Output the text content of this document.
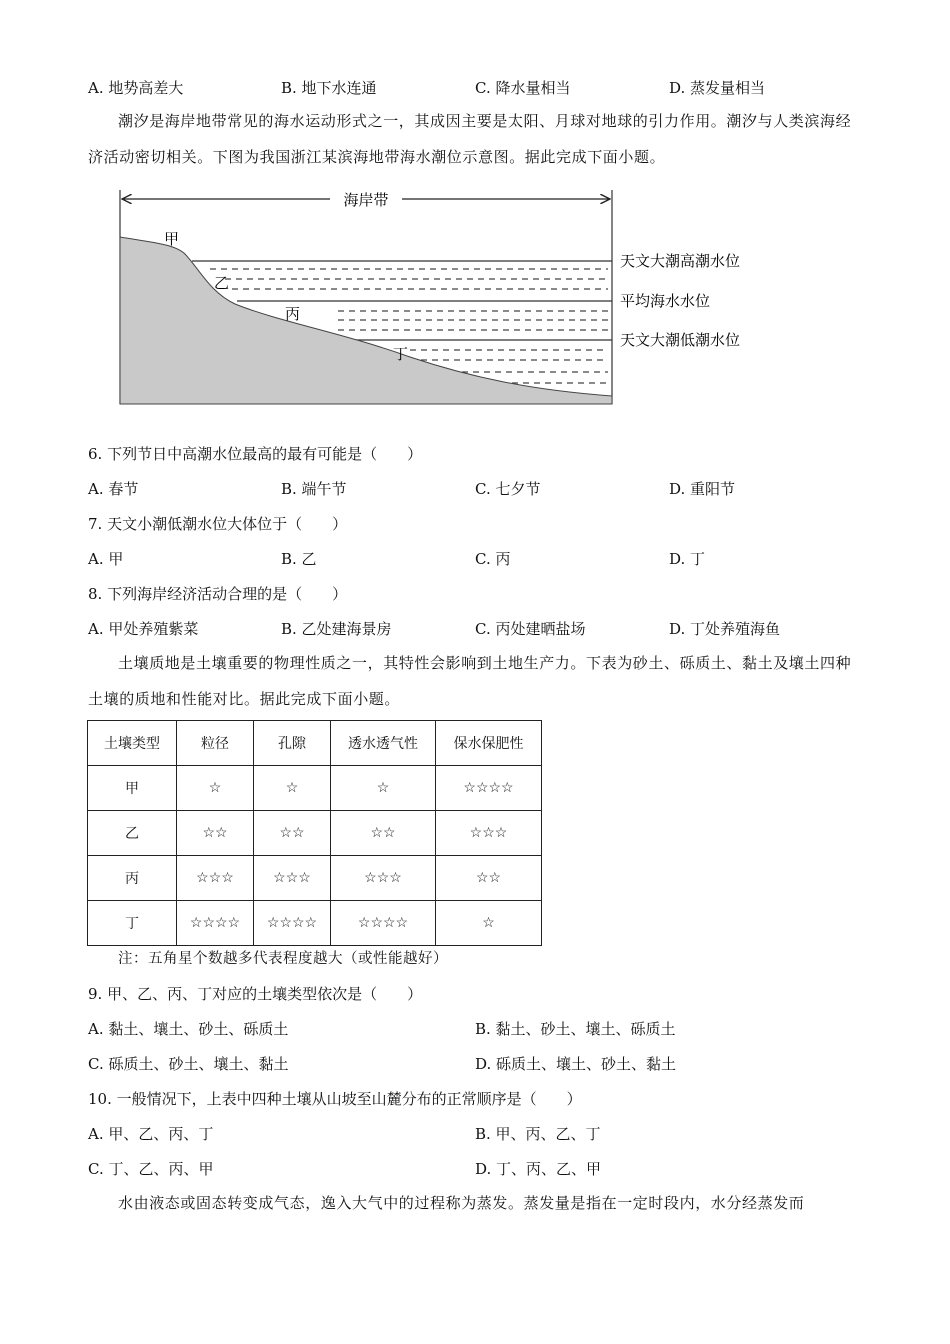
A. 地势高差大	B. 地下水连通	C. 降水量相当	D. 蒸发量相当
潮汐是海岸地带常见的海水运动形式之一，其成因主要是太阳、月球对地球的引力作用。潮汐与人类滨海经济活动密切相关。下图为我国浙江某滨海地带海水潮位示意图。据此完成下面小题。
海岸带
甲
乙
丙
丁
天文大潮高潮水位
平均海水水位
天文大潮低潮水位
6. 下列节日中高潮水位最高的最有可能是（　　）
A. 春节	B. 端午节	C. 七夕节	D. 重阳节
7. 天文小潮低潮水位大体位于（　　）
A. 甲	B. 乙	C. 丙	D. 丁
8. 下列海岸经济活动合理的是（　　）
A. 甲处养殖紫菜	B. 乙处建海景房	C. 丙处建晒盐场	D. 丁处养殖海鱼
土壤质地是土壤重要的物理性质之一，其特性会影响到土地生产力。下表为砂土、砾质土、黏土及壤土四种土壤的质地和性能对比。据此完成下面小题。
土壤类型	粒径	孔隙	透水透气性	保水保肥性
甲	☆	☆	☆	☆☆☆☆
乙	☆☆	☆☆	☆☆	☆☆☆
丙	☆☆☆	☆☆☆	☆☆☆	☆☆
丁	☆☆☆☆	☆☆☆☆	☆☆☆☆	☆
注：五角星个数越多代表程度越大（或性能越好）
9. 甲、乙、丙、丁对应的土壤类型依次是（　　）
A. 黏土、壤土、砂土、砾质土	B. 黏土、砂土、壤土、砾质土
C. 砾质土、砂土、壤土、黏土	D. 砾质土、壤土、砂土、黏土
10. 一般情况下，上表中四种土壤从山坡至山麓分布的正常顺序是（　　）
A. 甲、乙、丙、丁	B. 甲、丙、乙、丁
C. 丁、乙、丙、甲	D. 丁、丙、乙、甲
水由液态或固态转变成气态，逸入大气中的过程称为蒸发。蒸发量是指在一定时段内，水分经蒸发而
